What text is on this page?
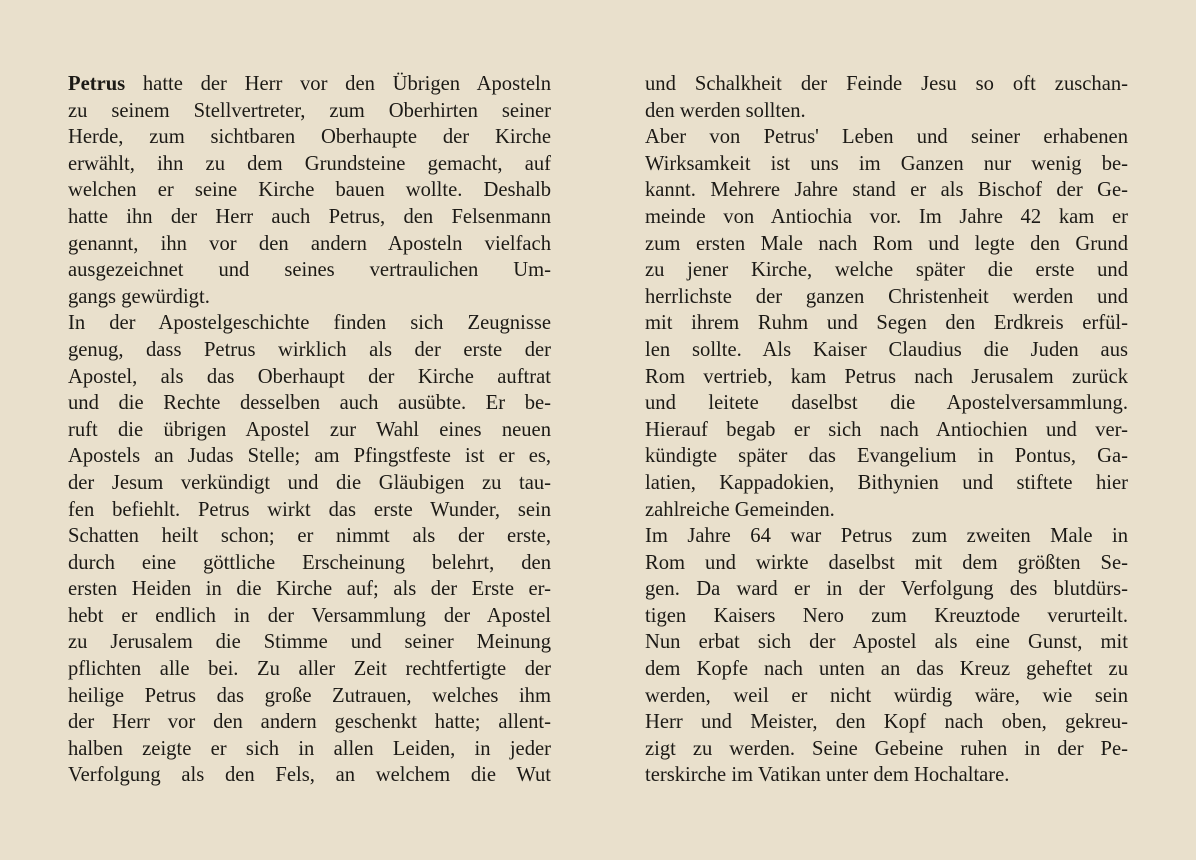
Petrus hatte der Herr vor den Übrigen Aposteln
zu seinem Stellvertreter, zum Oberhirten seiner
Herde, zum sichtbaren Oberhaupte der Kirche
erwählt, ihn zu dem Grundsteine gemacht, auf
welchen er seine Kirche bauen wollte. Deshalb
hatte ihn der Herr auch Petrus, den Felsenmann
genannt, ihn vor den andern Aposteln vielfach
ausgezeichnet und seines vertraulichen Um-
gangs gewürdigt.
In der Apostelgeschichte finden sich Zeugnisse
genug, dass Petrus wirklich als der erste der
Apostel, als das Oberhaupt der Kirche auftrat
und die Rechte desselben auch ausübte. Er be-
ruft die übrigen Apostel zur Wahl eines neuen
Apostels an Judas Stelle; am Pfingstfeste ist er es,
der Jesum verkündigt und die Gläubigen zu tau-
fen befiehlt. Petrus wirkt das erste Wunder, sein
Schatten heilt schon; er nimmt als der erste,
durch eine göttliche Erscheinung belehrt, den
ersten Heiden in die Kirche auf; als der Erste er-
hebt er endlich in der Versammlung der Apostel
zu Jerusalem die Stimme und seiner Meinung
pflichten alle bei. Zu aller Zeit rechtfertigte der
heilige Petrus das große Zutrauen, welches ihm
der Herr vor den andern geschenkt hatte; allent-
halben zeigte er sich in allen Leiden, in jeder
Verfolgung als den Fels, an welchem die Wut
und Schalkheit der Feinde Jesu so oft zuschan-
den werden sollten.
Aber von Petrus' Leben und seiner erhabenen
Wirksamkeit ist uns im Ganzen nur wenig be-
kannt. Mehrere Jahre stand er als Bischof der Ge-
meinde von Antiochia vor. Im Jahre 42 kam er
zum ersten Male nach Rom und legte den Grund
zu jener Kirche, welche später die erste und
herrlichste der ganzen Christenheit werden und
mit ihrem Ruhm und Segen den Erdkreis erfül-
len sollte. Als Kaiser Claudius die Juden aus
Rom vertrieb, kam Petrus nach Jerusalem zurück
und leitete daselbst die Apostelversammlung.
Hierauf begab er sich nach Antiochien und ver-
kündigte später das Evangelium in Pontus, Ga-
latien, Kappadokien, Bithynien und stiftete hier
zahlreiche Gemeinden.
Im Jahre 64 war Petrus zum zweiten Male in
Rom und wirkte daselbst mit dem größten Se-
gen. Da ward er in der Verfolgung des blutdürs-
tigen Kaisers Nero zum Kreuztode verurteilt.
Nun erbat sich der Apostel als eine Gunst, mit
dem Kopfe nach unten an das Kreuz geheftet zu
werden, weil er nicht würdig wäre, wie sein
Herr und Meister, den Kopf nach oben, gekreu-
zigt zu werden. Seine Gebeine ruhen in der Pe-
terskirche im Vatikan unter dem Hochaltare.
